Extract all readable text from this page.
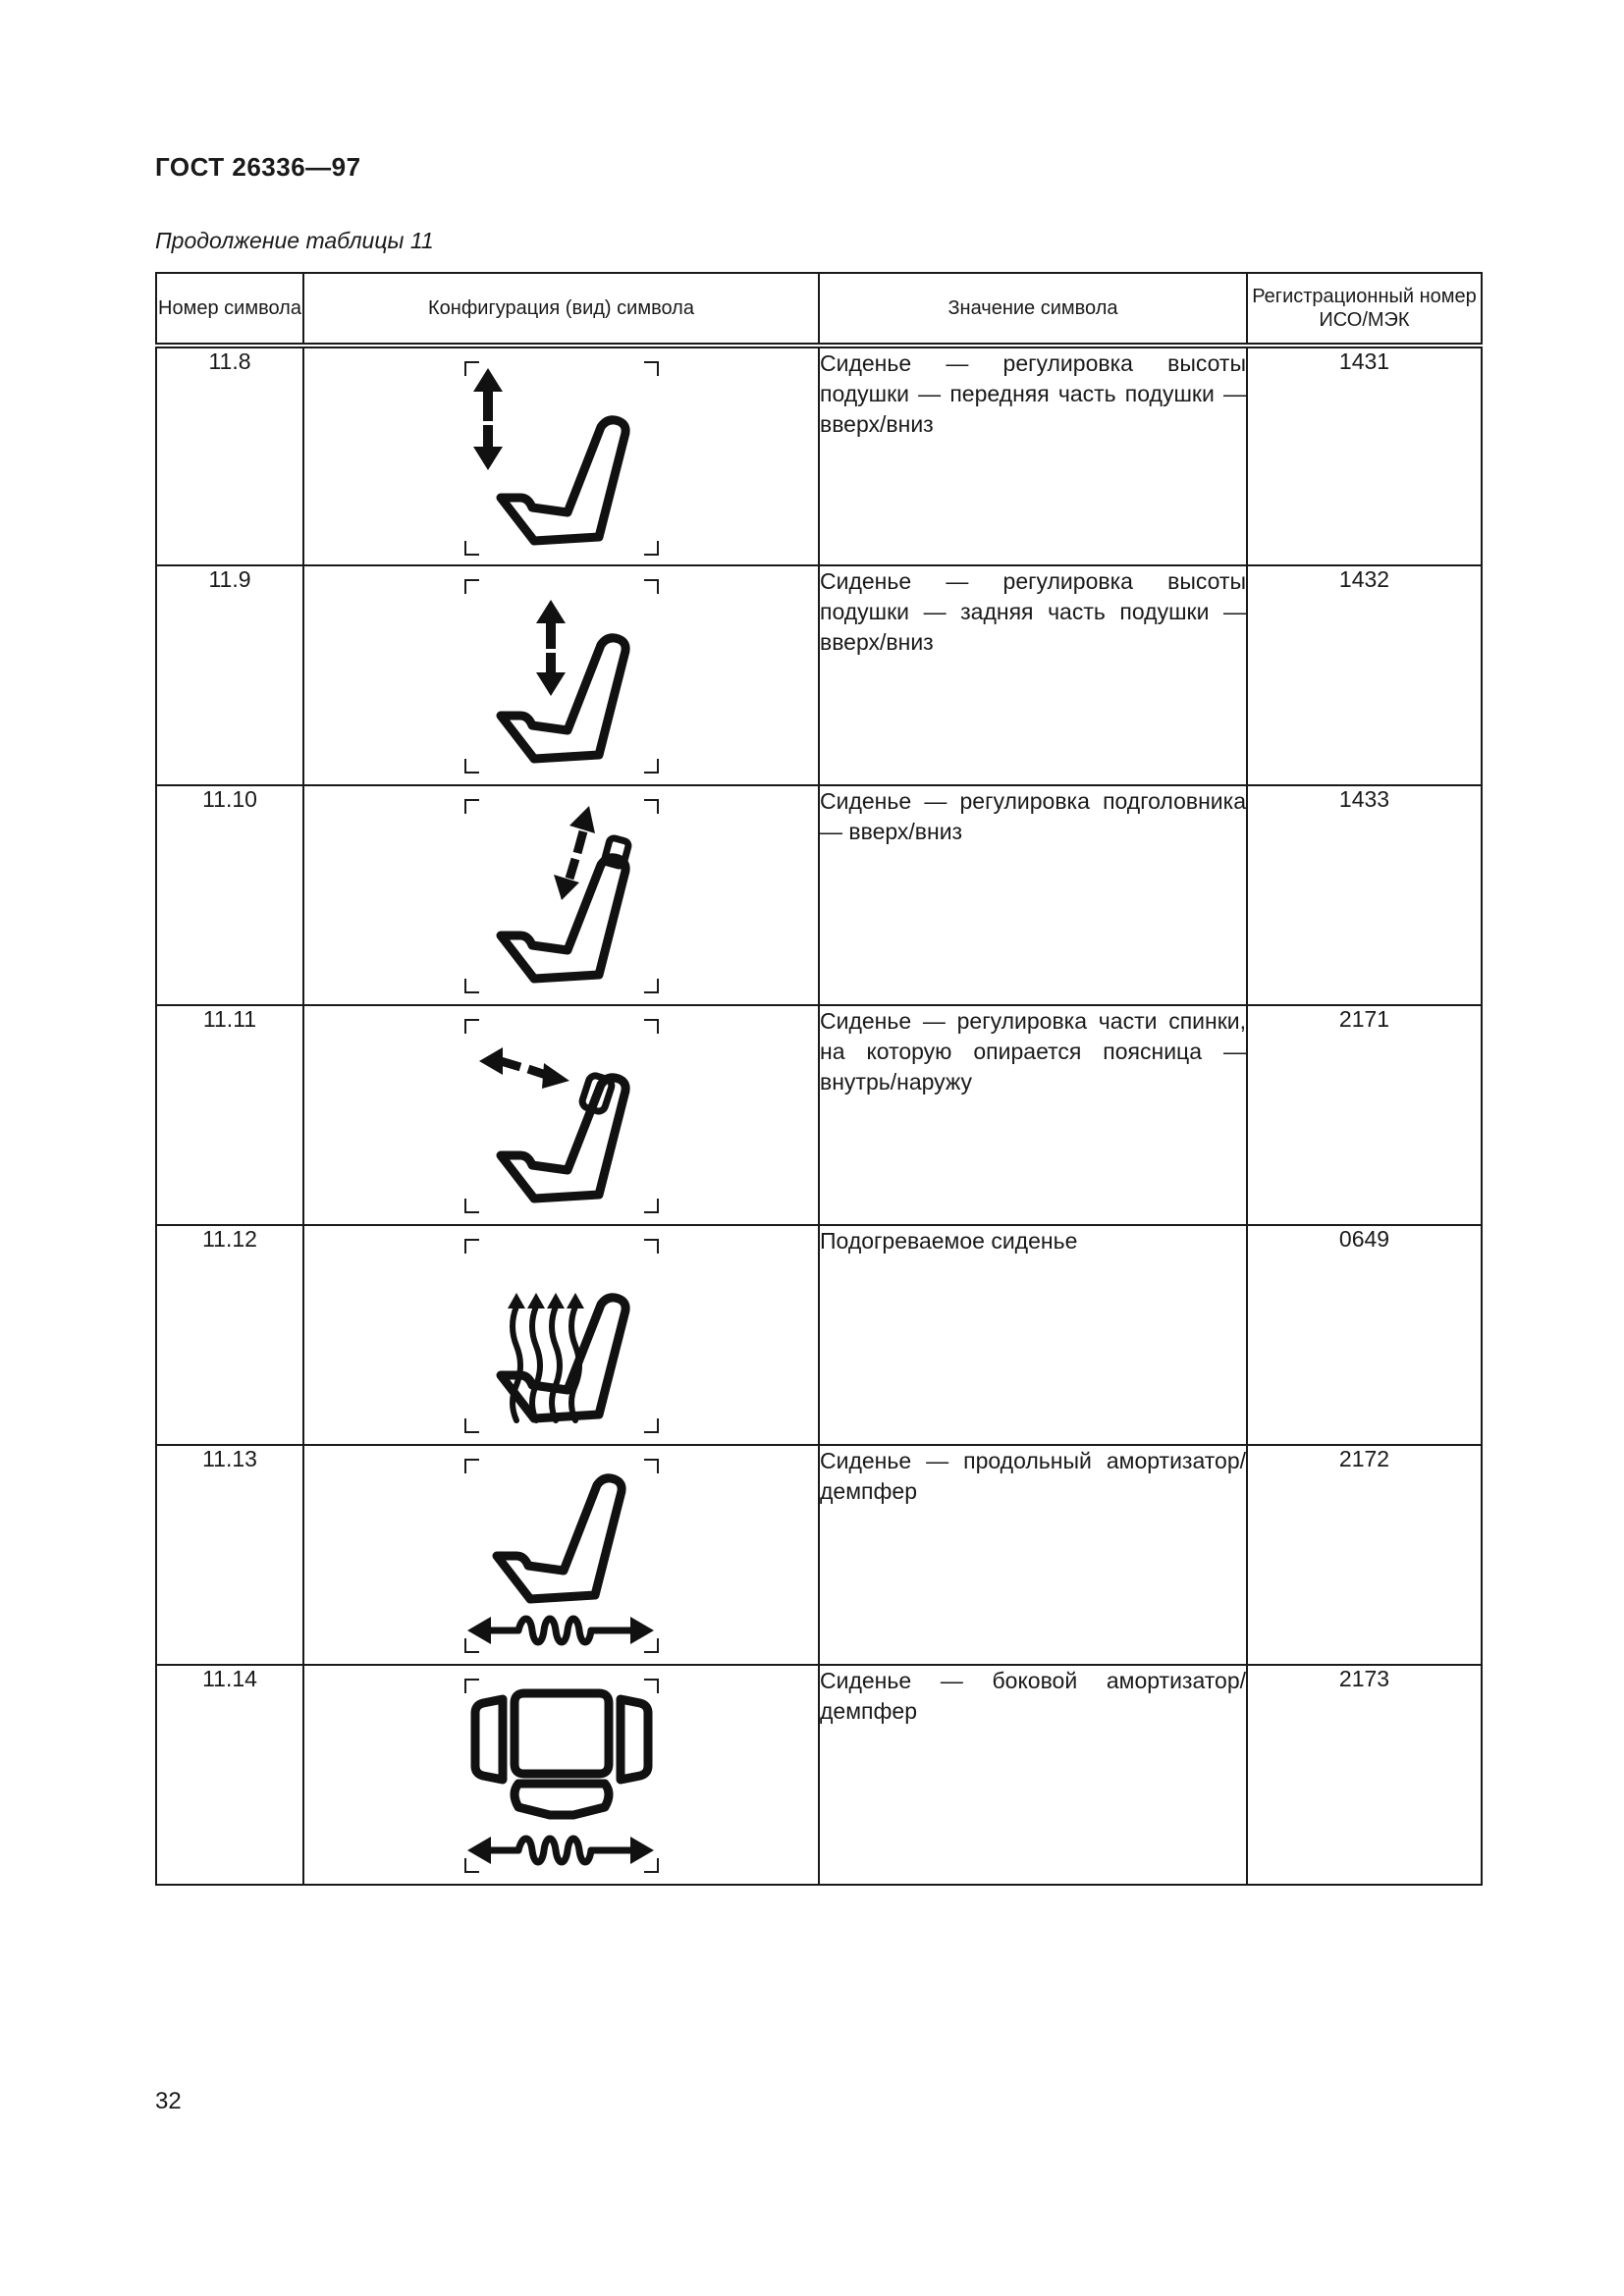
ГОСТ 26336—97
Продолжение таблицы 11
Номер символа	Конфигурация (вид) символа	Значение символа	Регистрационный номер ИСО/МЭК
11.8		Сиденье — регулировка высоты подушки — передняя часть подушки — вверх/вниз	1431
11.9		Сиденье — регулировка высоты подушки — задняя часть подушки — вверх/вниз	1432
11.10		Сиденье — регулировка подголовника — вверх/вниз	1433
11.11		Сиденье — регулировка части спинки, на которую опирается поясница — внутрь/наружу	2171
11.12		Подогреваемое сиденье	0649
11.13		Сиденье — продольный амортизатор/демпфер	2172
11.14		Сиденье — боковой амортизатор/демпфер	2173
32
